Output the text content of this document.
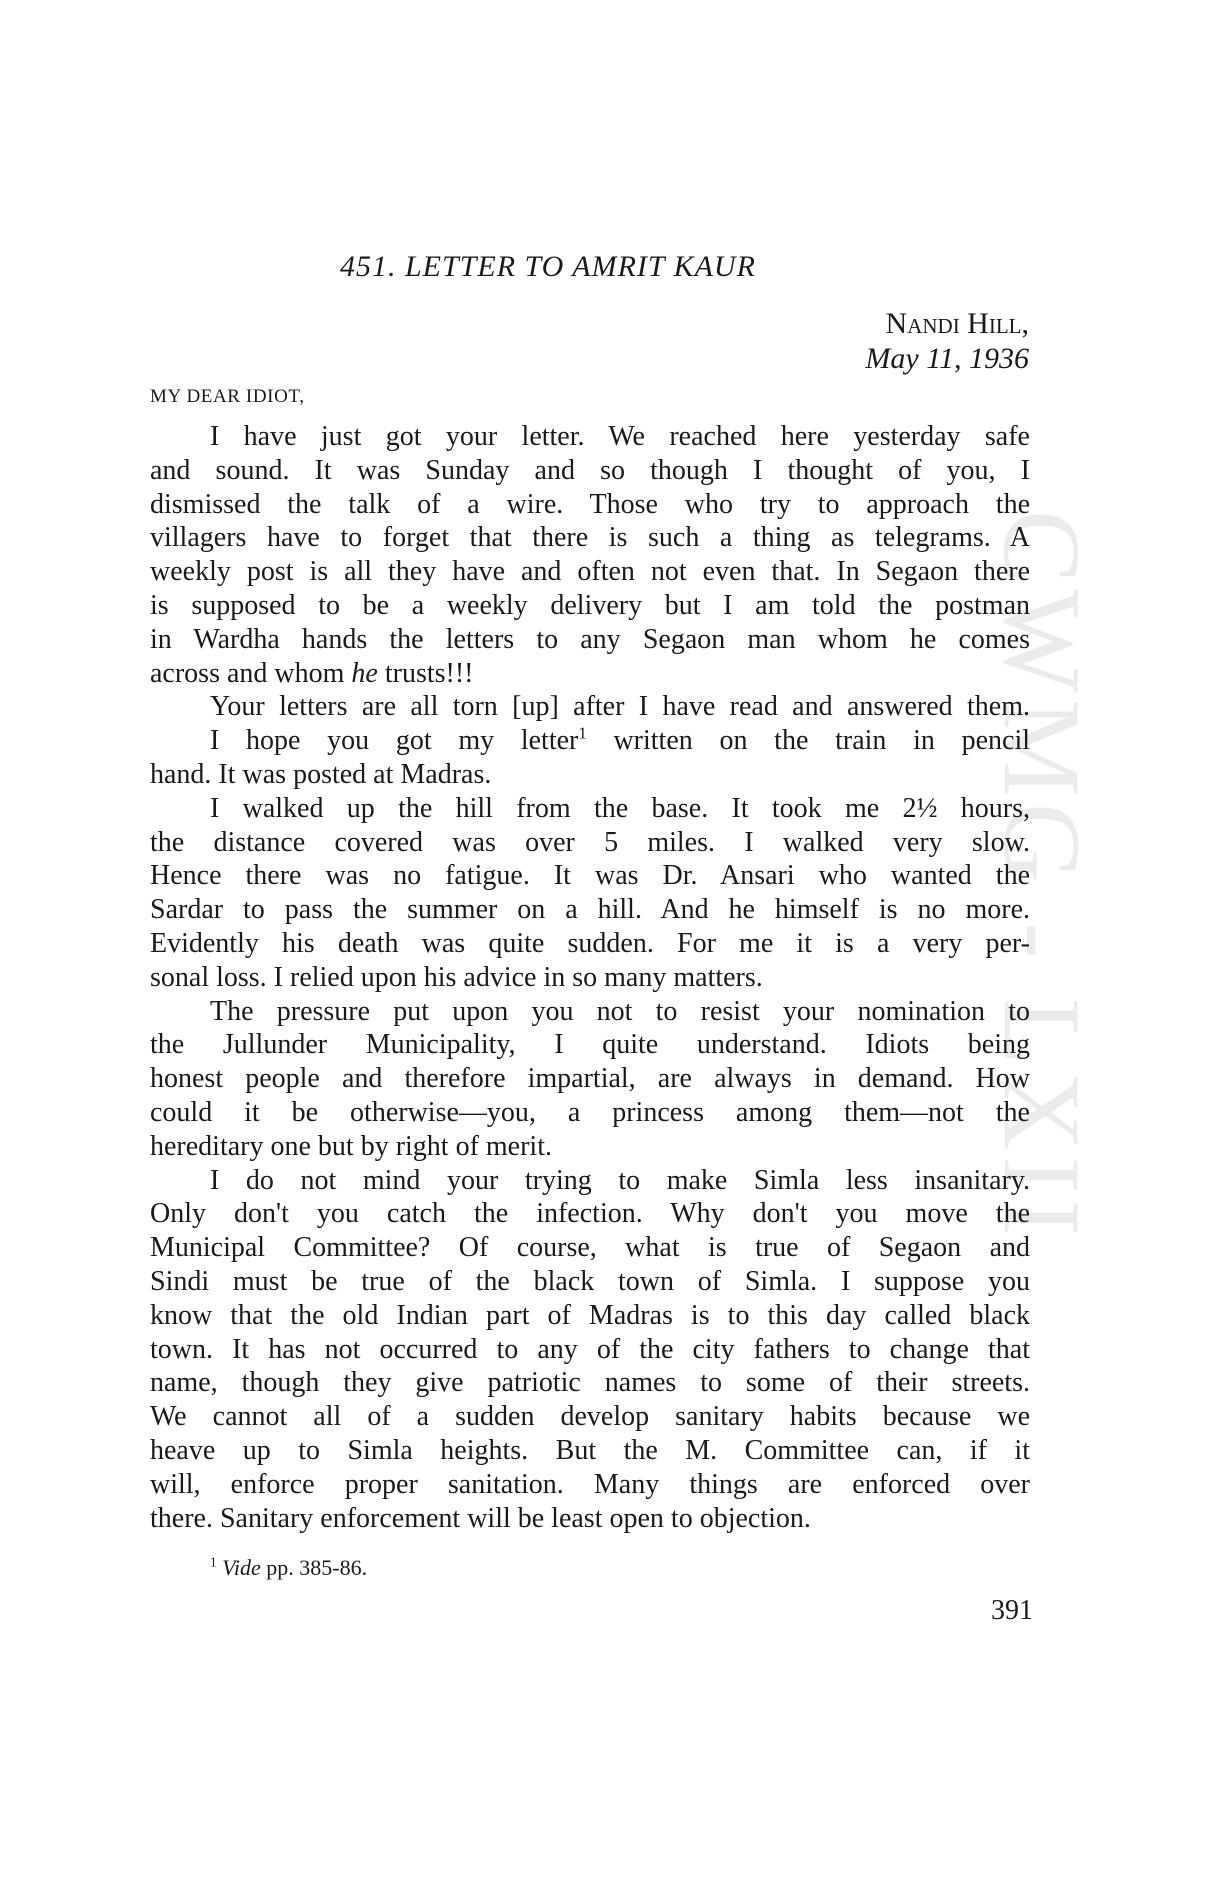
CWMG - LXII
451. LETTER TO AMRIT KAUR
Nandi Hill,
May 11, 1936
MY DEAR IDIOT,
I have just got your letter. We reached here yesterday safe
and sound. It was Sunday and so though I thought of you, I
dismissed the talk of a wire. Those who try to approach the
villagers have to forget that there is such a thing as telegrams. A
weekly post is all they have and often not even that. In Segaon there
is supposed to be a weekly delivery but I am told the postman
in Wardha hands the letters to any Segaon man whom he comes
across and whom he trusts!!!
Your letters are all torn [up] after I have read and answered them.
I hope you got my letter$^1$ written on the train in pencil
hand. It was posted at Madras.
I walked up the hill from the base. It took me 2½ hours,
the distance covered was over 5 miles. I walked very slow.
Hence there was no fatigue. It was Dr. Ansari who wanted the
Sardar to pass the summer on a hill. And he himself is no more.
Evidently his death was quite sudden. For me it is a very per-
sonal loss. I relied upon his advice in so many matters.
The pressure put upon you not to resist your nomination to
the Jullunder Municipality, I quite understand. Idiots being
honest people and therefore impartial, are always in demand. How
could it be otherwise—you, a princess among them—not the
hereditary one but by right of merit.
I do not mind your trying to make Simla less insanitary.
Only don't you catch the infection. Why don't you move the
Municipal Committee? Of course, what is true of Segaon and
Sindi must be true of the black town of Simla. I suppose you
know that the old Indian part of Madras is to this day called black
town. It has not occurred to any of the city fathers to change that
name, though they give patriotic names to some of their streets.
We cannot all of a sudden develop sanitary habits because we
heave up to Simla heights. But the M. Committee can, if it
will, enforce proper sanitation. Many things are enforced over
there. Sanitary enforcement will be least open to objection.
$^1$ Vide pp. 385-86.
391
